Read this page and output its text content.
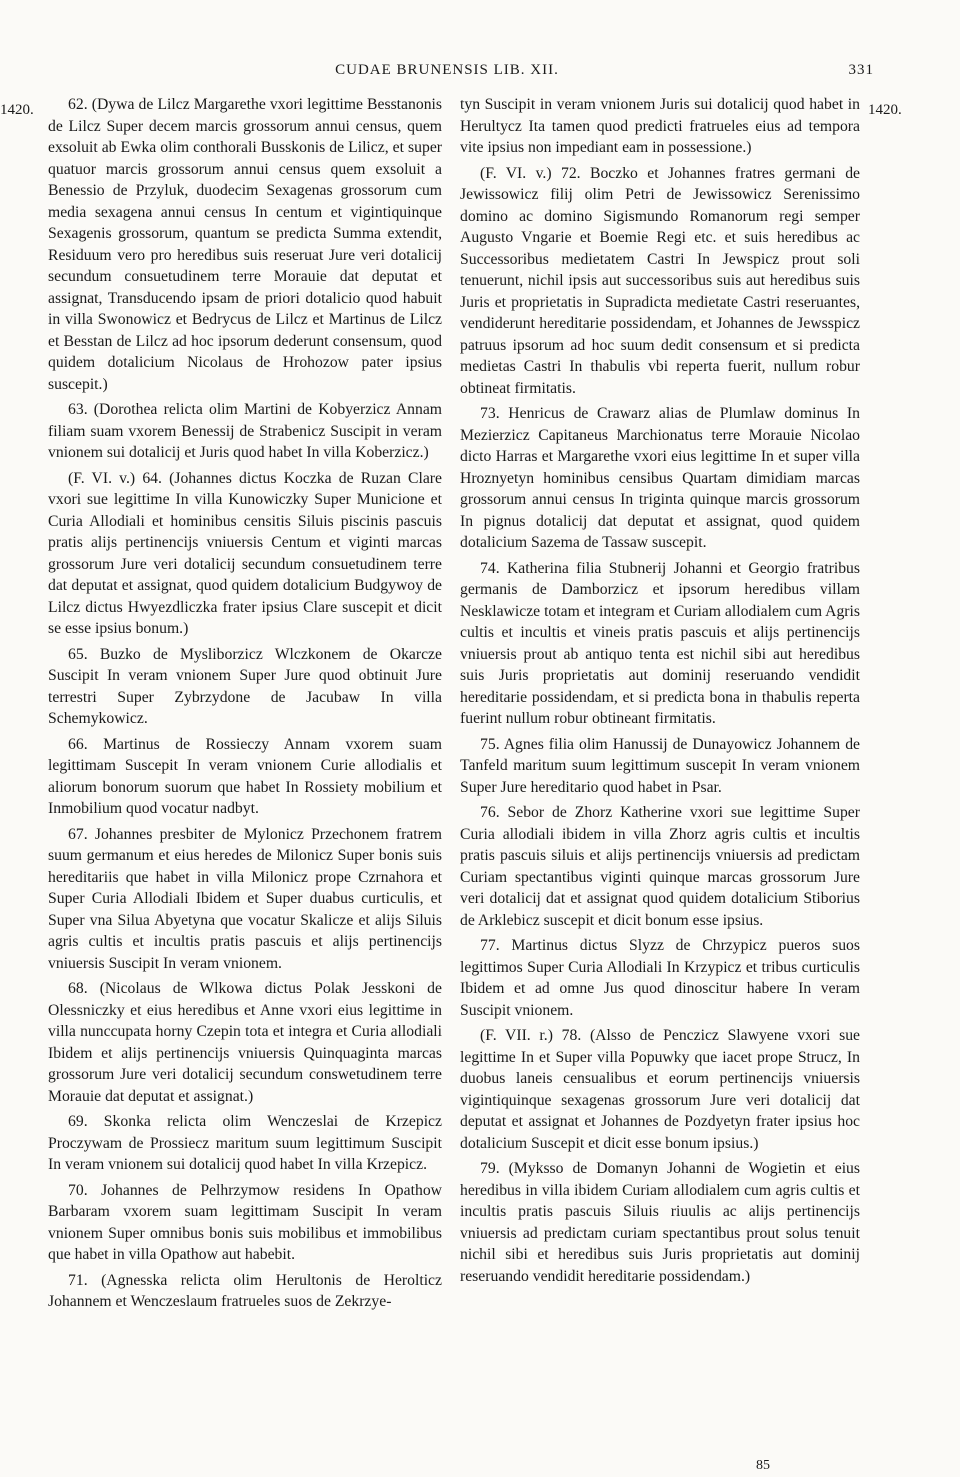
CUDAE BRUNENSIS LIB. XII.	331
1420.	1420.

62. (Dywa de Lilcz Margarethe vxori legittime Besstanonis de Lilcz Super decem marcis grossorum annui census, quem exsoluit ab Ewka olim conthorali Busskonis de Lilicz, et super quatuor marcis grossorum annui census quem exsoluit a Benessio de Przyluk, duodecim Sexagenas grossorum cum media sexagena annui census In centum et vigintiquinque Sexagenis grossorum, quantum se predicta Summa extendit, Residuum vero pro heredibus suis reseruat Jure veri dotalicij secundum consuetudinem terre Morauie dat deputat et assignat, Transducendo ipsam de priori dotalicio quod habuit in villa Swonowicz et Bedrycus de Lilcz et Martinus de Lilcz et Besstan de Lilcz ad hoc ipsorum dederunt consensum, quod quidem dotalicium Nicolaus de Hrohozow pater ipsius suscepit.)

63. (Dorothea relicta olim Martini de Kobyerzicz Annam filiam suam vxorem Benessij de Strabenicz Suscipit in veram vnionem sui dotalicij et Juris quod habet In villa Koberzicz.)

(F. VI. v.) 64. (Johannes dictus Koczka de Ruzan Clare vxori sue legittime In villa Kunowiczky Super Municione et Curia Allodiali et hominibus censitis Siluis piscinis pascuis pratis alijs pertinencijs vniuersis Centum et viginti marcas grossorum Jure veri dotalicij secundum consuetudinem terre dat deputat et assignat, quod quidem dotalicium Budgywoy de Lilcz dictus Hwyezdliczka frater ipsius Clare suscepit et dicit se esse ipsius bonum.)

65. Buzko de Mysliborzicz Wlczkonem de Okarcze Suscipit In veram vnionem Super Jure quod obtinuit Jure terrestri Super Zybrzydone de Jacubaw In villa Schemykowicz.

66. Martinus de Rossieczy Annam vxorem suam legittimam Suscepit In veram vnionem Curie allodialis et aliorum bonorum suorum que habet In Rossiety mobilium et Inmobilium quod vocatur nadbyt.

67. Johannes presbiter de Mylonicz Przechonem fratrem suum germanum et eius heredes de Milonicz Super bonis suis hereditariis que habet in villa Milonicz prope Czrnahora et Super Curia Allodiali Ibidem et Super duabus curticulis, et Super vna Silua Abyetyna que vocatur Skalicze et alijs Siluis agris cultis et incultis pratis pascuis et alijs pertinencijs vniuersis Suscipit In veram vnionem.

68. (Nicolaus de Wlkowa dictus Polak Jesskoni de Olessniczky et eius heredibus et Anne vxori eius legittime in villa nunccupata horny Czepin tota et integra et Curia allodiali Ibidem et alijs pertinencijs vniuersis Quinquaginta marcas grossorum Jure veri dotalicij secundum conswetudinem terre Morauie dat deputat et assignat.)

69. Skonka relicta olim Wenczeslai de Krzepicz Proczywam de Prossiecz maritum suum legittimum Suscipit In veram vnionem sui dotalicij quod habet In villa Krzepicz.

70. Johannes de Pelhrzymow residens In Opathow Barbaram vxorem suam legittimam Suscipit In veram vnionem Super omnibus bonis suis mobilibus et immobilibus que habet in villa Opathow aut habebit.

71. (Agnesska relicta olim Herultonis de Herolticz Johannem et Wenczeslaum fratrueles suos de Zekrzye-

tyn Suscipit in veram vnionem Juris sui dotalicij quod habet in Herultycz Ita tamen quod predicti fratrueles eius ad tempora vite ipsius non impediant eam in possessione.)

(F. VI. v.) 72. Boczko et Johannes fratres germani de Jewissowicz filij olim Petri de Jewissowicz Serenissimo domino ac domino Sigismundo Romanorum regi semper Augusto Vngarie et Boemie Regi etc. et suis heredibus ac Successoribus medietatem Castri In Jewspicz prout soli tenuerunt, nichil ipsis aut successoribus suis aut heredibus suis Juris et proprietatis in Supradicta medietate Castri reseruantes, vendiderunt hereditarie possidendam, et Johannes de Jewsspicz patruus ipsorum ad hoc suum dedit consensum et si predicta medietas Castri In thabulis vbi reperta fuerit, nullum robur obtineat firmitatis.

73. Henricus de Crawarz alias de Plumlaw dominus In Mezierzicz Capitaneus Marchionatus terre Morauie Nicolao dicto Harras et Margarethe vxori eius legittime In et super villa Hroznyetyn hominibus censibus Quartam dimidiam marcas grossorum annui census In triginta quinque marcis grossorum In pignus dotalicij dat deputat et assignat, quod quidem dotalicium Sazema de Tassaw suscepit.

74. Katherina filia Stubnerij Johanni et Georgio fratribus germanis de Damborzicz et ipsorum heredibus villam Nesklawicze totam et integram et Curiam allodialem cum Agris cultis et incultis et vineis pratis pascuis et alijs pertinencijs vniuersis prout ab antiquo tenta est nichil sibi aut heredibus suis Juris proprietatis aut dominij reseruando vendidit hereditarie possidendam, et si predicta bona in thabulis reperta fuerint nullum robur obtineant firmitatis.

75. Agnes filia olim Hanussij de Dunayowicz Johannem de Tanfeld maritum suum legittimum suscepit In veram vnionem Super Jure hereditario quod habet in Psar.

76. Sebor de Zhorz Katherine vxori sue legittime Super Curia allodiali ibidem in villa Zhorz agris cultis et incultis pratis pascuis siluis et alijs pertinencijs vniuersis ad predictam Curiam spectantibus viginti quinque marcas grossorum Jure veri dotalicij dat et assignat quod quidem dotalicium Stiborius de Arklebicz suscepit et dicit bonum esse ipsius.

77. Martinus dictus Slyzz de Chrzypicz pueros suos legittimos Super Curia Allodiali In Krzypicz et tribus curticulis Ibidem et ad omne Jus quod dinoscitur habere In veram Suscipit vnionem.

(F. VII. r.) 78. (Alsso de Penczicz Slawyene vxori sue legittime In et Super villa Popuwky que iacet prope Strucz, In duobus laneis censualibus et eorum pertinencijs vniuersis vigintiquinque sexagenas grossorum Jure veri dotalicij dat deputat et assignat et Johannes de Pozdyetyn frater ipsius hoc dotalicium Suscepit et dicit esse bonum ipsius.)

79. (Myksso de Domanyn Johanni de Wogietin et eius heredibus in villa ibidem Curiam allodialem cum agris cultis et incultis pratis pascuis Siluis riuulis ac alijs pertinencijs vniuersis ad predictam curiam spectantibus prout solus tenuit nichil sibi et heredibus suis Juris proprietatis aut dominij reseruando vendidit hereditarie possidendam.)

85
